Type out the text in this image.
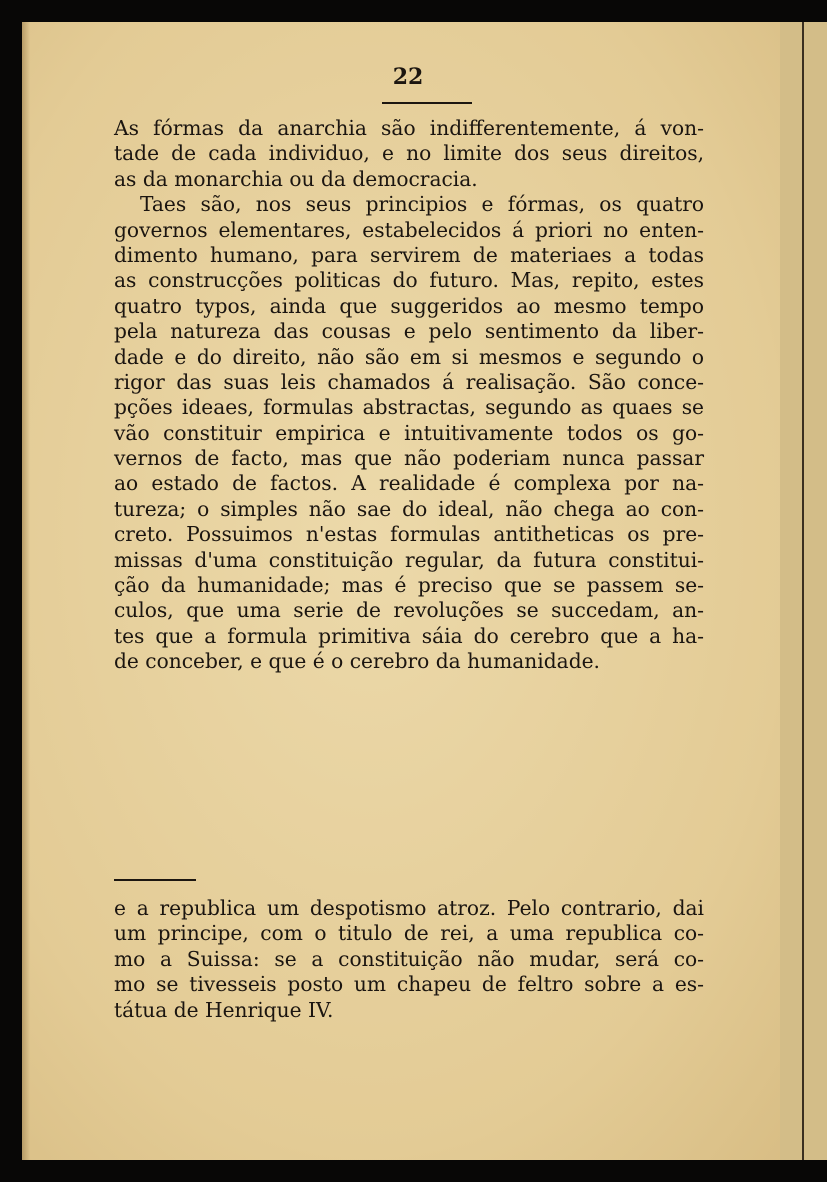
22
As fórmas da anarchia são indifferentemente, á von-
tade de cada individuo, e no limite dos seus direitos,
as da monarchia ou da democracia.
Taes são, nos seus principios e fórmas, os quatro
governos elementares, estabelecidos á priori no enten-
dimento humano, para servirem de materiaes a todas
as construcções politicas do futuro. Mas, repito, estes
quatro typos, ainda que suggeridos ao mesmo tempo
pela natureza das cousas e pelo sentimento da liber-
dade e do direito, não são em si mesmos e segundo o
rigor das suas leis chamados á realisação. São conce-
pções ideaes, formulas abstractas, segundo as quaes se
vão constituir empirica e intuitivamente todos os go-
vernos de facto, mas que não poderiam nunca passar
ao estado de factos. A realidade é complexa por na-
tureza; o simples não sae do ideal, não chega ao con-
creto. Possuimos n'estas formulas antitheticas os pre-
missas d'uma constituição regular, da futura constitui-
ção da humanidade; mas é preciso que se passem se-
culos, que uma serie de revoluções se succedam, an-
tes que a formula primitiva sáia do cerebro que a ha-
de conceber, e que é o cerebro da humanidade.
e a republica um despotismo atroz. Pelo contrario, dai
um principe, com o titulo de rei, a uma republica co-
mo a Suissa: se a constituição não mudar, será co-
mo se tivesseis posto um chapeu de feltro sobre a es-
tátua de Henrique IV.
